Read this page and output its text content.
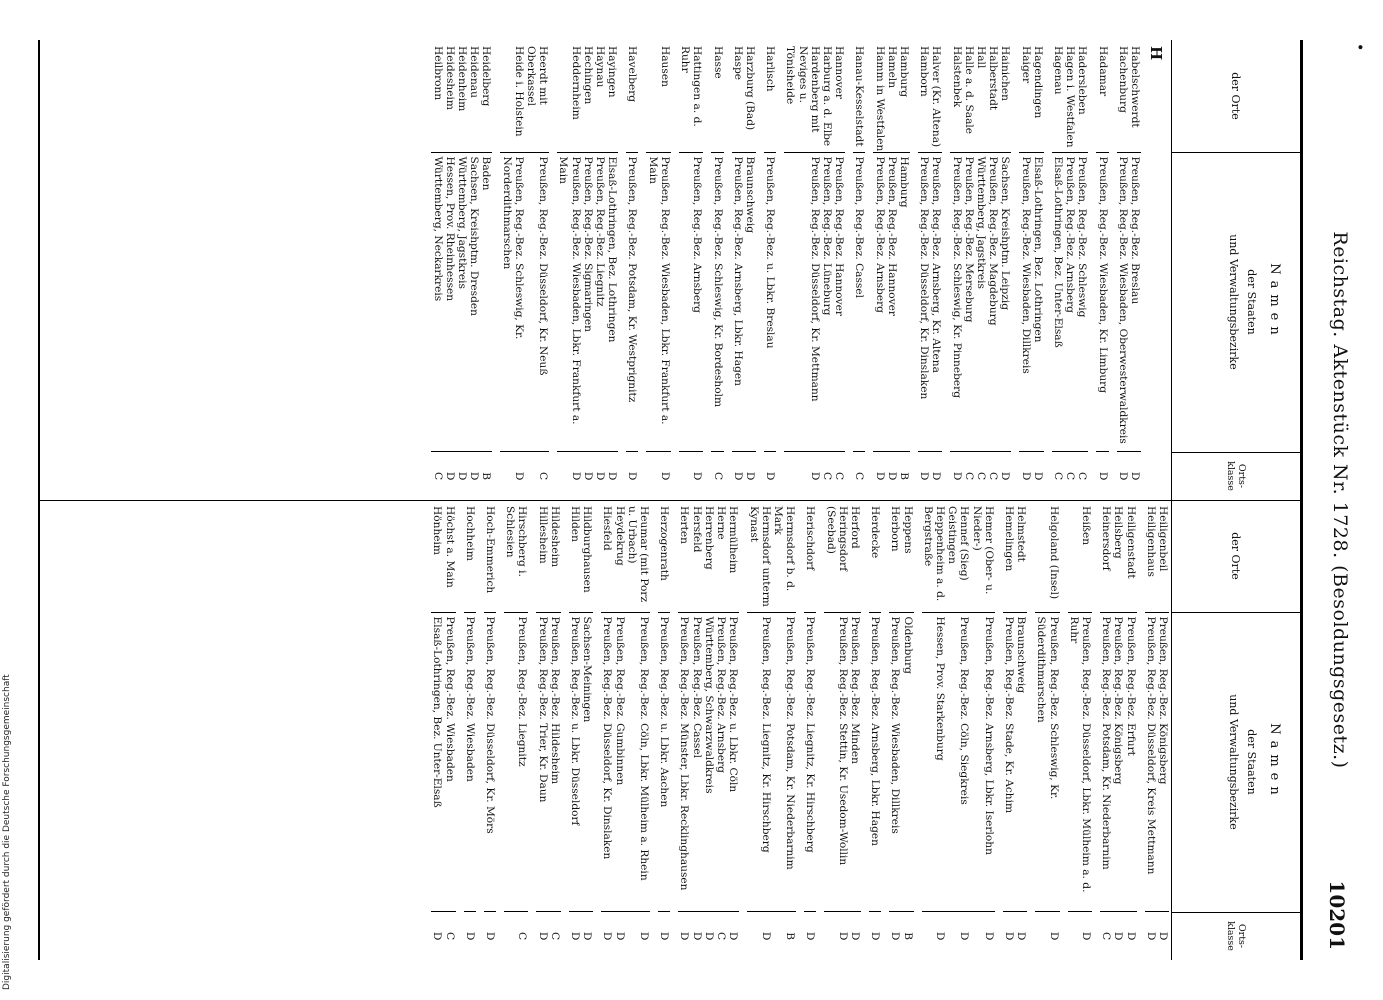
•
Reichstag. Aktenstück Nr. 1728. (Besoldungsgesetz.)
10201
der Orte
Namen
der Staaten
und Verwaltungsbezirke
Orts-klasse
H
Habelschwerdt
Preußen, Reg.-Bez. Breslau
D
Hachenburg
Preußen, Reg.-Bez. Wiesbaden, Oberwesterwaldkreis
D
Hadamar
Preußen, Reg.-Bez. Wiesbaden, Kr. Limburg
D
Hadersleben
Preußen, Reg.-Bez. Schleswig
C
Hagen i. Westfalen
Preußen, Reg.-Bez. Arnsberg
C
Hagenau
Elsaß-Lothringen, Bez. Unter-Elsaß
C
Hagendingen
Elsaß-Lothringen, Bez. Lothringen
D
Haiger
Preußen, Reg.-Bez. Wiesbaden, Dillkreis
D
Hainichen
Sachsen, Kreishptm. Leipzig
D
Halberstadt
Preußen, Reg.-Bez. Magdeburg
C
Hall
Württemberg, Jagstkreis
C
Halle a. d. Saale
Preußen, Reg.-Bez. Merseburg
C
Halstenbek
Preußen, Reg.-Bez. Schleswig, Kr. Pinneberg
D
Halver (Kr. Altena)
Preußen, Reg.-Bez. Arnsberg, Kr. Altena
D
Hamborn
Preußen, Reg.-Bez. Düsseldorf, Kr. Dinslaken
D
Hamburg
Hamburg
B
Hameln
Preußen, Reg.-Bez. Hannover
D
Hamm in Westfalen
Preußen, Reg.-Bez. Arnsberg
D
Hanau-Kesselstadt
Preußen, Reg.-Bez. Cassel
C
Hannover
Preußen, Reg.-Bez. Hannover
C
Harburg a. d. Elbe
Preußen, Reg.-Bez. Lüneburg
C
Hardenberg mit Neviges u. Tönisheide
Preußen, Reg.-Bez. Düsseldorf, Kr. Mettmann
D
Harlisch
Preußen, Reg.-Bez. u. Lbkr. Breslau
D
Harzburg (Bad)
Braunschweig
D
Haspe
Preußen, Reg.-Bez. Arnsberg, Lbkr. Hagen
D
Hasse
Preußen, Reg.-Bez. Schleswig, Kr. Bordesholm
C
Hattingen a. d. Ruhr
Preußen, Reg.-Bez. Arnsberg
D
Hausen
Preußen, Reg.-Bez. Wiesbaden, Lbkr. Frankfurt a. Main
D
Havelberg
Preußen, Reg.-Bez. Potsdam, Kr. Westprignitz
D
Hayingen
Elsaß-Lothringen, Bez. Lothringen
D
Haynau
Preußen, Reg.-Bez. Liegnitz
D
Hechingen
Preußen, Reg.-Bez. Sigmaringen
D
Heddernheim
Preußen, Reg.-Bez. Wiesbaden, Lbkr. Frankfurt a. Main
D
Heerdt mit Oberkassel
Preußen, Reg.-Bez. Düsseldorf, Kr. Neuß
C
Heide i. Holstein
Preußen, Reg.-Bez. Schleswig, Kr. Norderdithmarschen
D
Heidelberg
Baden
B
Heidenau
Sachsen, Kreishptm. Dresden
D
Heidenheim
Württemberg, Jagstkreis
D
Heidesheim
Hessen, Prov. Rheinhessen
D
Heilbronn
Württemberg, Neckarkreis
C
der Orte
Namen
der Staaten
und Verwaltungsbezirke
Orts-klasse
Heiligenbeil
Preußen, Reg.-Bez. Königsberg
D
Heiligenhaus
Preußen, Reg.-Bez. Düsseldorf, Kreis Mettmann
D
Heiligenstadt
Preußen, Reg.-Bez. Erfurt
D
Heilsberg
Preußen, Reg.-Bez. Königsberg
D
Heinersdorf
Preußen, Reg.-Bez. Potsdam, Kr. Niederbarnim
C
Heißen
Preußen, Reg.-Bez. Düsseldorf, Lbkr. Mülheim a. d. Ruhr
D
Helgoland (Insel)
Preußen, Reg.-Bez. Schleswig, Kr. Süderdithmarschen
D
Helmstedt
Braunschweig
D
Hemelingen
Preußen, Reg.-Bez. Stade, Kr. Achim
D
Hemer (Ober- u. Nieder-)
Preußen, Reg.-Bez. Arnsberg, Lbkr. Iserlohn
D
Hennef (Sieg) Geistingen
Preußen, Reg.-Bez. Cöln, Siegkreis
D
Heppenheim a. d. Bergstraße
Hessen, Prov. Starkenburg
D
Heppens
Oldenburg
B
Herborn
Preußen, Reg.-Bez. Wiesbaden, Dillkreis
D
Herdecke
Preußen, Reg.-Bez. Arnsberg, Lbkr. Hagen
D
Herford
Preußen, Reg.-Bez. Minden
D
Heringsdorf (Seebad)
Preußen, Reg.-Bez. Stettin, Kr. Usedom-Wollin
D
Herischdorf
Preußen, Reg.-Bez. Liegnitz, Kr. Hirschberg
D
Hermsdorf b. d. Mark
Preußen, Reg.-Bez. Potsdam, Kr. Niederbarnim
B
Hermsdorf unterm Kynast
Preußen, Reg.-Bez. Liegnitz, Kr. Hirschberg
D
Hermülheim
Preußen, Reg.-Bez. u. Lbkr. Cöln
D
Herne
Preußen, Reg.-Bez. Arnsberg
C
Herrenberg
Württemberg, Schwarzwaldkreis
D
Hersfeld
Preußen, Reg.-Bez. Cassel
D
Herten
Preußen, Reg.-Bez. Münster, Lbkr. Recklinghausen
D
Herzogenrath
Preußen, Reg.-Bez. u. Lbkr. Aachen
D
Heumar (mit Porz u. Urbach)
Preußen, Reg.-Bez. Cöln, Lbkr. Mülheim a. Rhein
D
Heydekrug
Preußen, Reg.-Bez. Gumbinnen
D
Hiesfeld
Preußen, Reg.-Bez. Düsseldorf, Kr. Dinslaken
D
Hildburghausen
Sachsen-Meiningen
D
Hilden
Preußen, Reg.-Bez. u. Lbkr. Düsseldorf
D
Hildesheim
Preußen, Reg.-Bez. Hildesheim
C
Hillesheim
Preußen, Reg.-Bez. Trier, Kr. Daun
D
Hirschberg i. Schlesien
Preußen, Reg.-Bez. Liegnitz
C
Hoch-Emmerich
Preußen, Reg.-Bez. Düsseldorf, Kr. Mörs
D
Hochheim
Preußen, Reg.-Bez. Wiesbaden
D
Höchst a. Main
Preußen, Reg.-Bez. Wiesbaden
C
Hönheim
Elsaß-Lothringen, Bez. Unter-Elsaß
D
Digitalisierung gefördert durch die Deutsche Forschungsgemeinschaft
